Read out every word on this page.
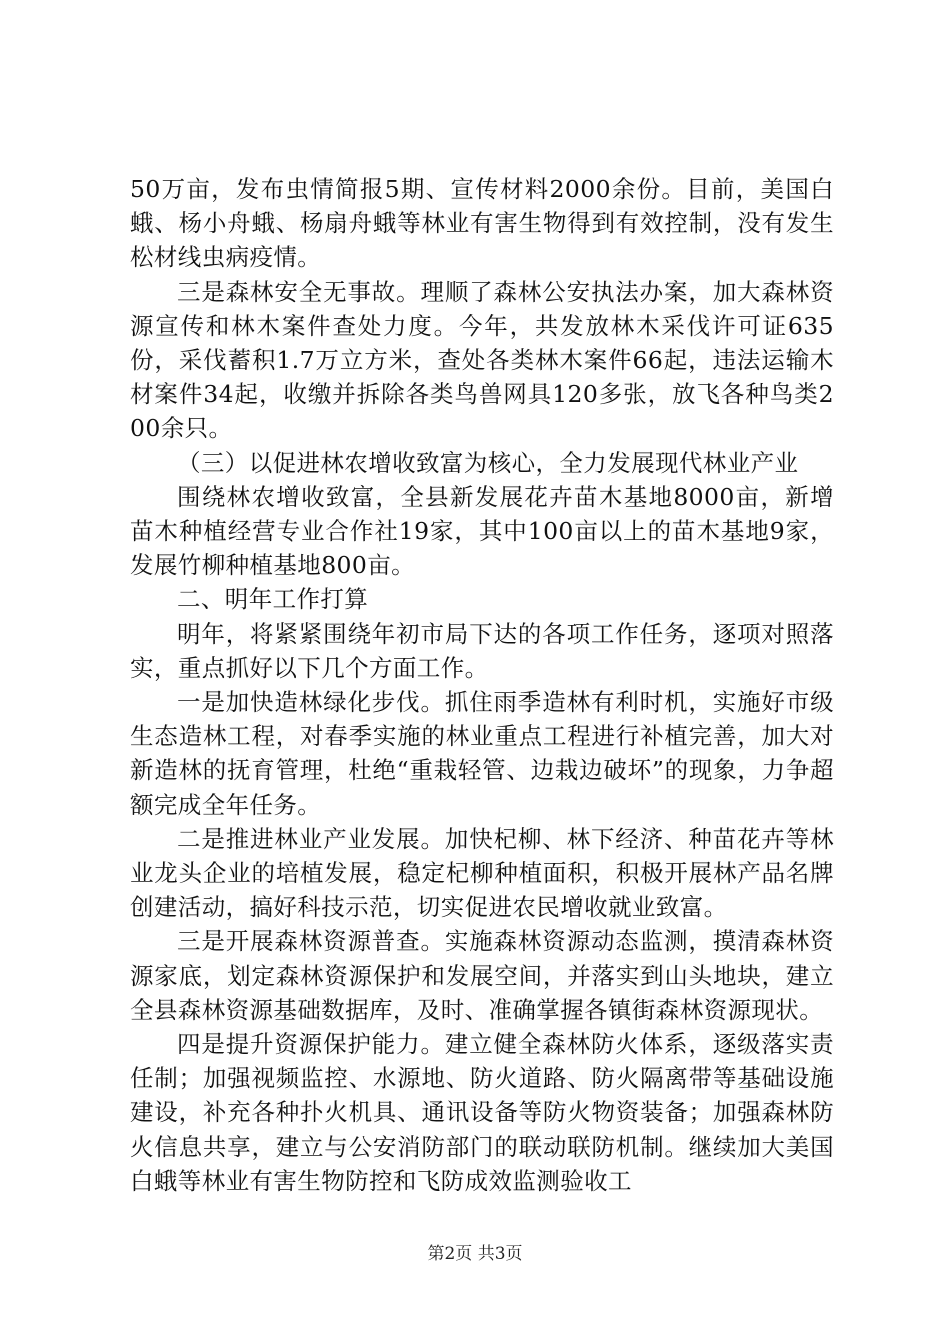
50万亩，发布虫情简报5期、宣传材料2000余份。目前，美国白蛾、杨小舟蛾、杨扇舟蛾等林业有害生物得到有效控制，没有发生松材线虫病疫情。

三是森林安全无事故。理顺了森林公安执法办案，加大森林资源宣传和林木案件查处力度。今年，共发放林木采伐许可证635份，采伐蓄积1.7万立方米，查处各类林木案件66起，违法运输木材案件34起，收缴并拆除各类鸟兽网具120多张，放飞各种鸟类200余只。

（三）以促进林农增收致富为核心，全力发展现代林业产业

围绕林农增收致富，全县新发展花卉苗木基地8000亩，新增苗木种植经营专业合作社19家，其中100亩以上的苗木基地9家，发展竹柳种植基地800亩。

二、明年工作打算

明年，将紧紧围绕年初市局下达的各项工作任务，逐项对照落实，重点抓好以下几个方面工作。

一是加快造林绿化步伐。抓住雨季造林有利时机，实施好市级生态造林工程，对春季实施的林业重点工程进行补植完善，加大对新造林的抚育管理，杜绝“重栽轻管、边栽边破坏”的现象，力争超额完成全年任务。

二是推进林业产业发展。加快杞柳、林下经济、种苗花卉等林业龙头企业的培植发展，稳定杞柳种植面积，积极开展林产品名牌创建活动，搞好科技示范，切实促进农民增收就业致富。

三是开展森林资源普查。实施森林资源动态监测，摸清森林资源家底，划定森林资源保护和发展空间，并落实到山头地块，建立全县森林资源基础数据库，及时、准确掌握各镇街森林资源现状。

四是提升资源保护能力。建立健全森林防火体系，逐级落实责任制；加强视频监控、水源地、防火道路、防火隔离带等基础设施建设，补充各种扑火机具、通讯设备等防火物资装备；加强森林防火信息共享，建立与公安消防部门的联动联防机制。继续加大美国白蛾等林业有害生物防控和飞防成效监测验收工

第2页 共3页
